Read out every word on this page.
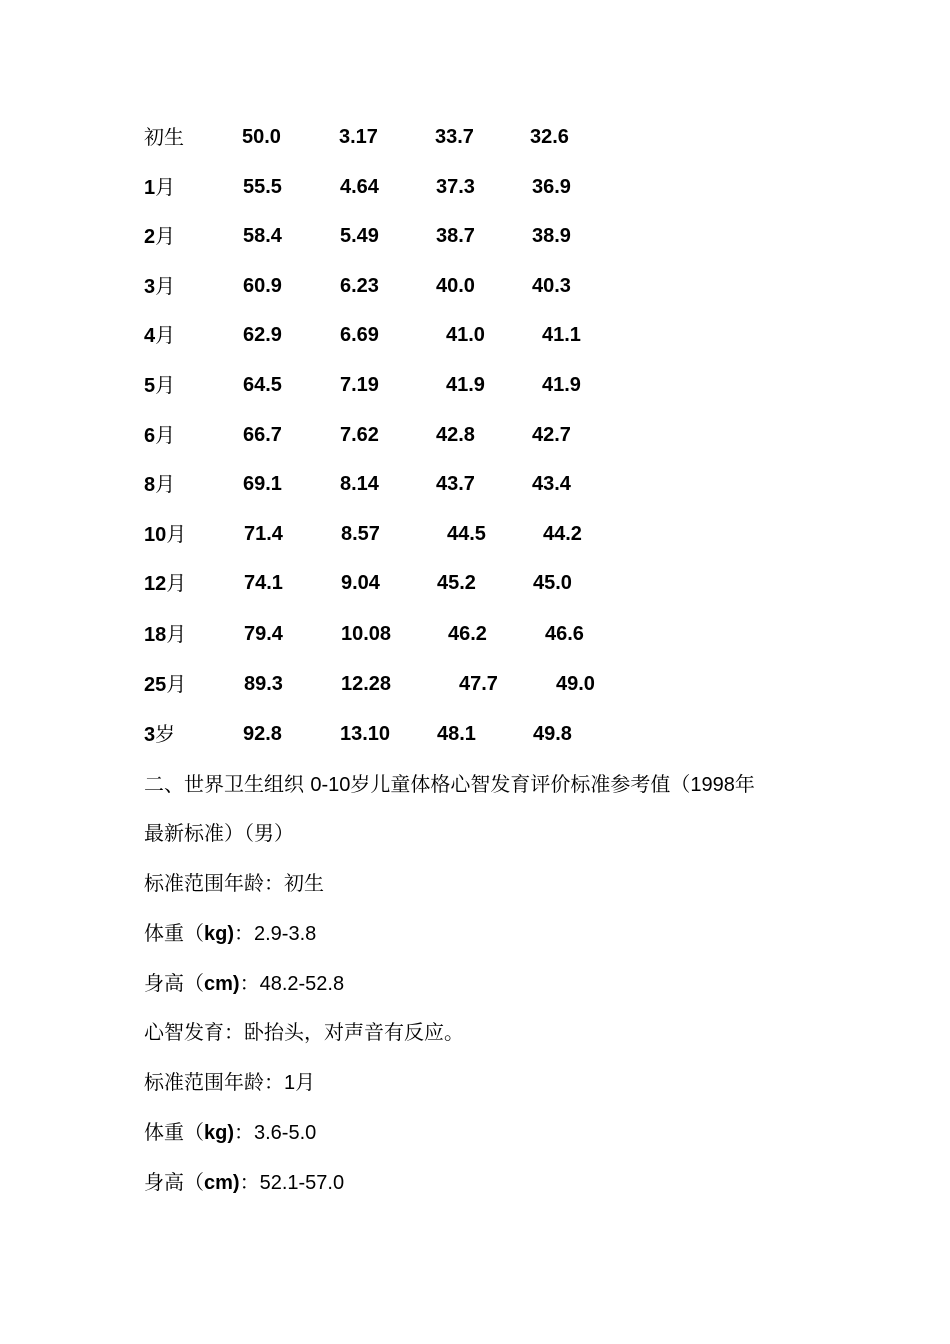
初生	50.0	3.17	33.7	32.6
1月	55.5	4.64	37.3	36.9
2月	58.4	5.49	38.7	38.9
3月	60.9	6.23	40.0	40.3
4月	62.9	6.69	41.0	41.1
5月	64.5	7.19	41.9	41.9
6月	66.7	7.62	42.8	42.7
8月	69.1	8.14	43.7	43.4
10月	71.4	8.57	44.5	44.2
12月	74.1	9.04	45.2	45.0
18月	79.4	10.08	46.2	46.6
25月	89.3	12.28	47.7	49.0
3岁	92.8	13.10 48.1	49.8
二、世界卫生组织 0-10岁儿童体格心智发育评价标准参考值（1998年
最新标准）（男）
标准范围年龄：初生
体重（kg)：2.9-3.8
身高（cm)：48.2-52.8
心智发育：卧抬头，对声音有反应。
标准范围年龄：1月
体重（kg)：3.6-5.0
身高（cm)：52.1-57.0
